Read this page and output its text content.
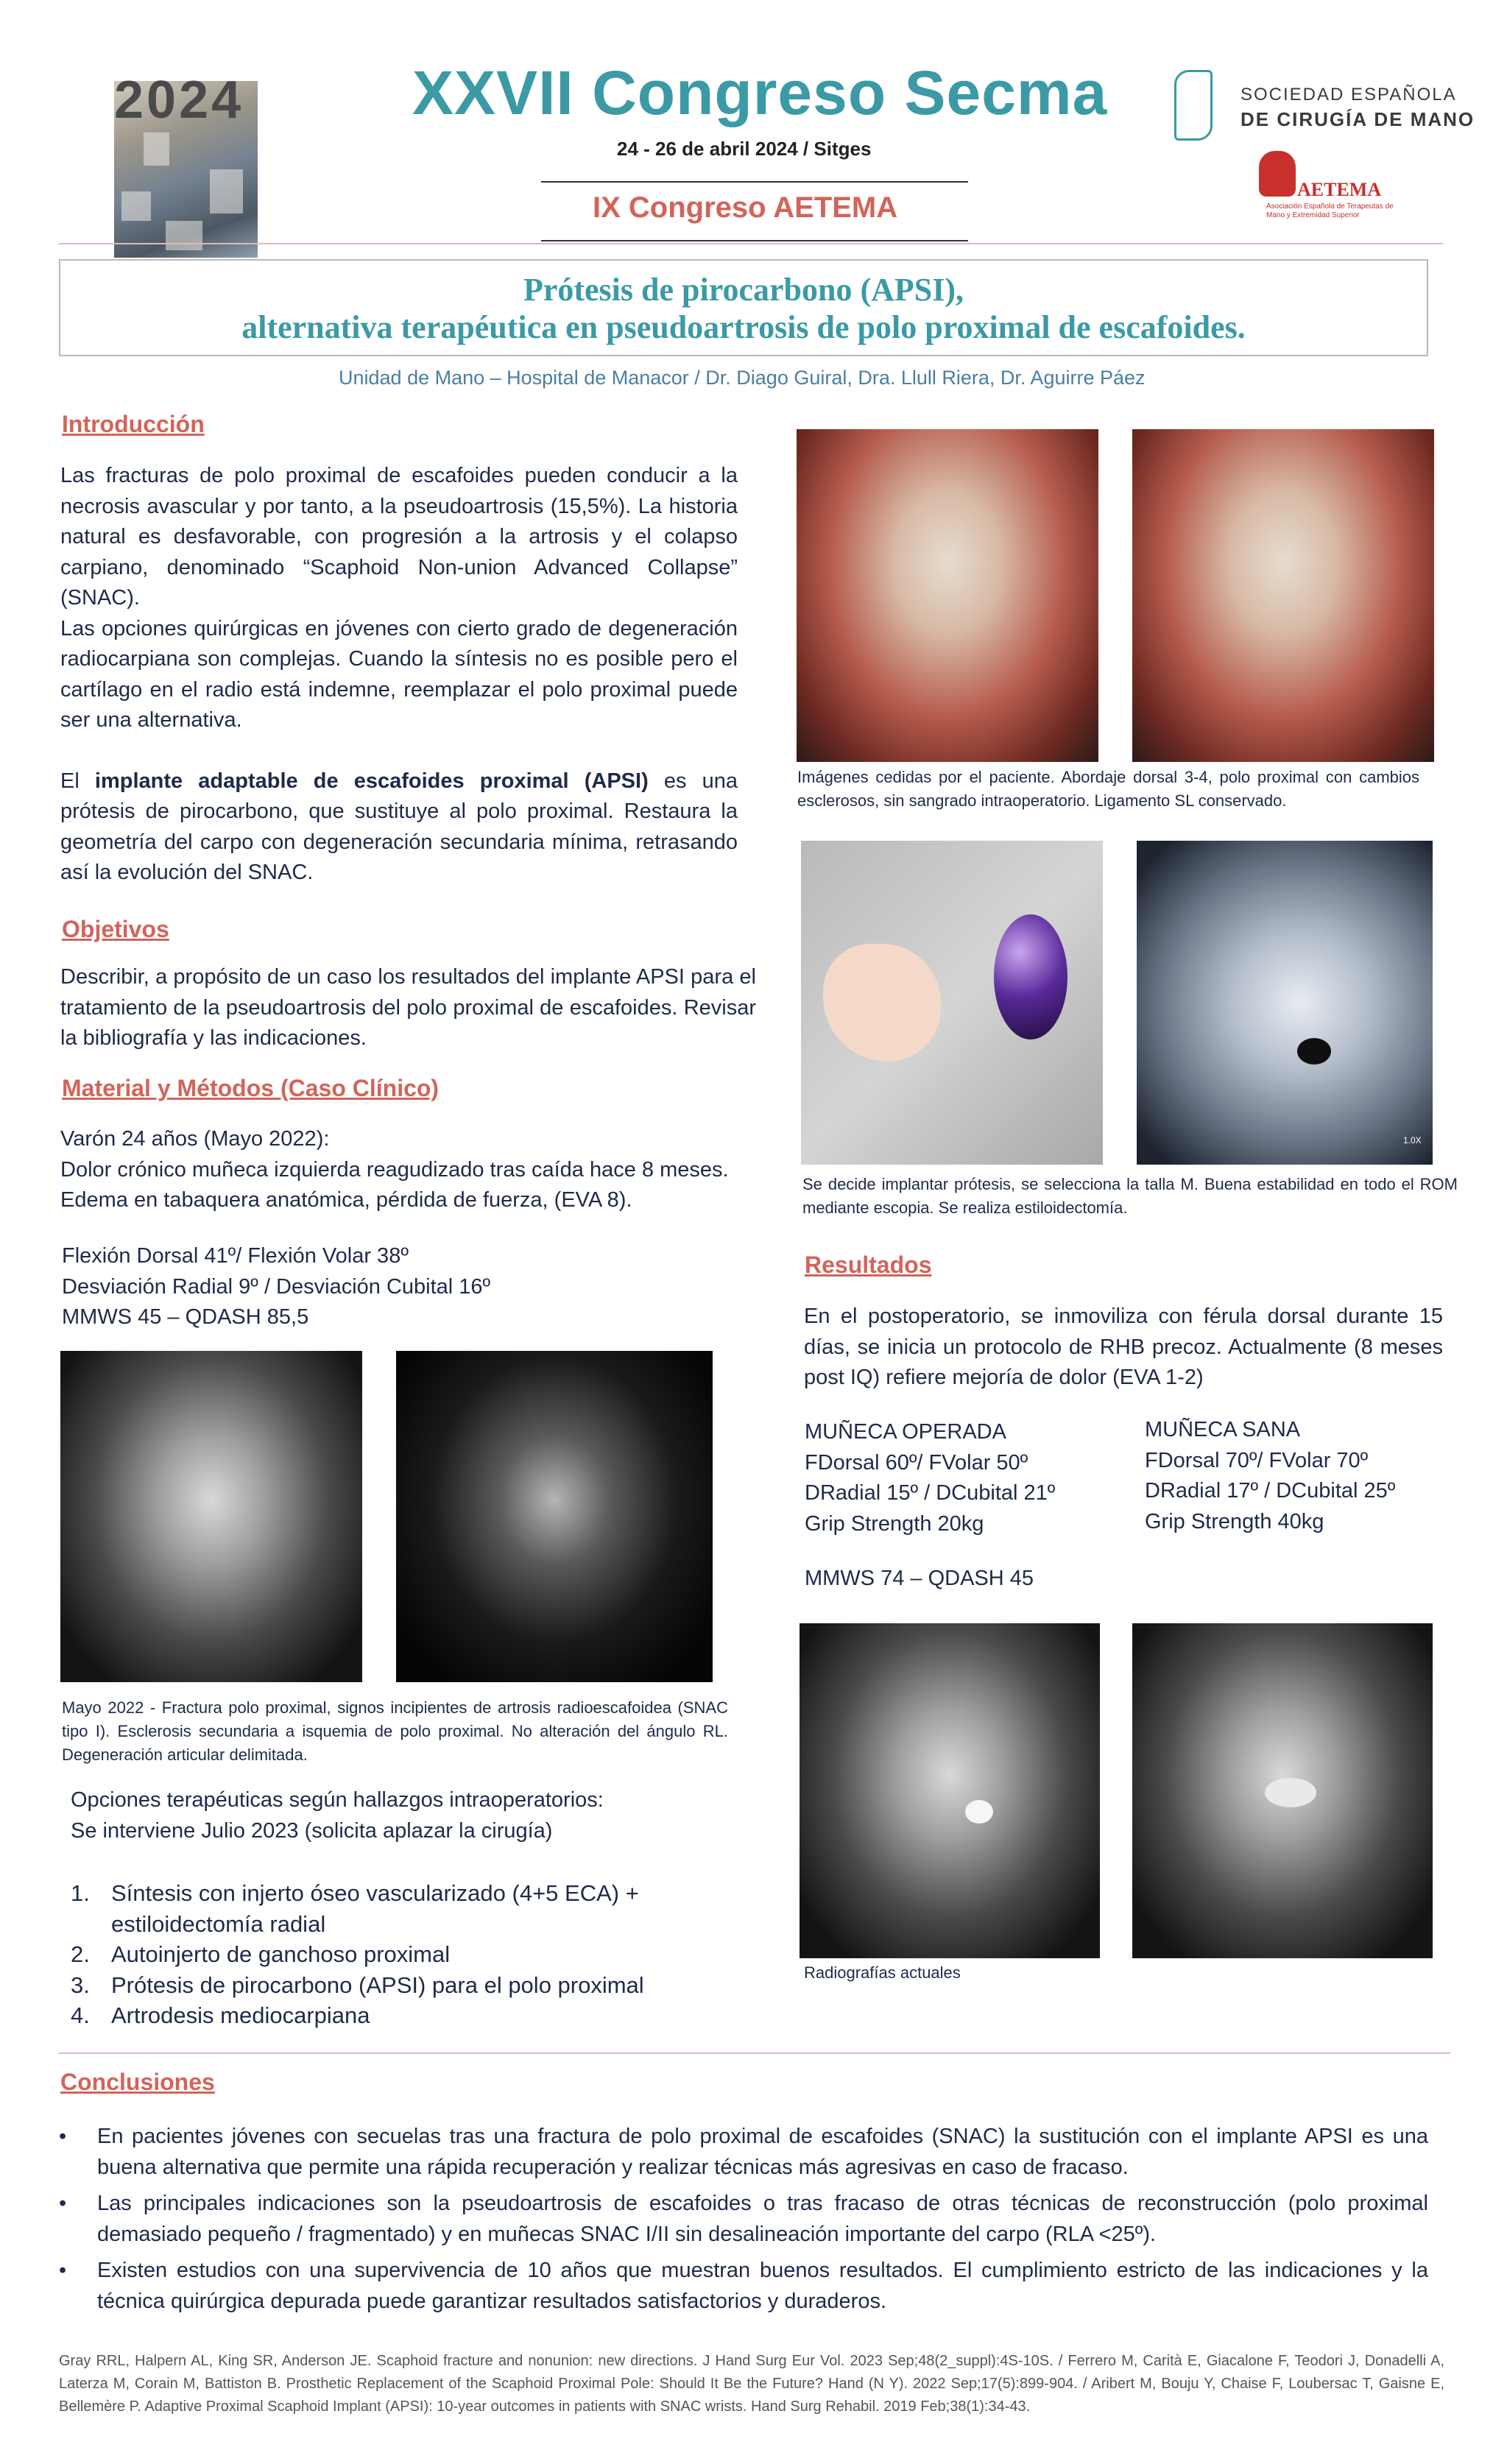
2024	XXVII Congreso Secma
24 - 26 de abril 2024 / Sitges
IX Congreso AETEMA
SOCIEDAD ESPAÑOLA
DE CIRUGÍA DE MANO
AETEMA
Asociación Española de Terapeutas de Mano y Extremidad Superior
Prótesis de pirocarbono (APSI),
alternativa terapéutica en pseudoartrosis de polo proximal de escafoides.
Unidad de Mano – Hospital de Manacor / Dr. Diago Guiral, Dra. Llull Riera, Dr. Aguirre Páez
Introducción
Las fracturas de polo proximal de escafoides pueden conducir a la necrosis avascular y por tanto, a la pseudoartrosis (15,5%). La historia natural es desfavorable, con progresión a la artrosis y el colapso carpiano, denominado “Scaphoid Non-union Advanced Collapse” (SNAC).
Las opciones quirúrgicas en jóvenes con cierto grado de degeneración radiocarpiana son complejas. Cuando la síntesis no es posible pero el cartílago en el radio está indemne, reemplazar el polo proximal puede ser una alternativa.
El implante adaptable de escafoides proximal (APSI) es una prótesis de pirocarbono, que sustituye al polo proximal. Restaura la geometría del carpo con degeneración secundaria mínima, retrasando así la evolución del SNAC.
Objetivos
Describir, a propósito de un caso los resultados del implante APSI para el tratamiento de la pseudoartrosis del polo proximal de escafoides. Revisar la bibliografía y las indicaciones.
Material y Métodos (Caso Clínico)
Varón 24 años (Mayo 2022):
Dolor crónico muñeca izquierda reagudizado tras caída hace 8 meses. Edema en tabaquera anatómica, pérdida de fuerza, (EVA 8).
Flexión Dorsal 41º/ Flexión Volar 38º
Desviación Radial 9º / Desviación Cubital 16º
MMWS 45 – QDASH 85,5
Mayo 2022 - Fractura polo proximal, signos incipientes de artrosis radioescafoidea (SNAC tipo I). Esclerosis secundaria a isquemia de polo proximal. No alteración del ángulo RL. Degeneración articular delimitada.
Opciones terapéuticas según hallazgos intraoperatorios:
Se interviene Julio 2023 (solicita aplazar la cirugía)
1. Síntesis con injerto óseo vascularizado (4+5 ECA) +
estiloidectomía radial
2. Autoinjerto de ganchoso proximal
3. Prótesis de pirocarbono (APSI) para el polo proximal
4. Artrodesis mediocarpiana
Imágenes cedidas por el paciente. Abordaje dorsal 3-4, polo proximal con cambios esclerosos, sin sangrado intraoperatorio. Ligamento SL conservado.
1.0X
Se decide implantar prótesis, se selecciona la talla M. Buena estabilidad en todo el ROM mediante escopia. Se realiza estiloidectomía.
Resultados
En el postoperatorio, se inmoviliza con férula dorsal durante 15 días, se inicia un protocolo de RHB precoz. Actualmente (8 meses post IQ) refiere mejoría de dolor (EVA 1-2)
MUÑECA OPERADA
FDorsal 60º/ FVolar 50º
DRadial 15º / DCubital 21º
Grip Strength 20kg
MUÑECA SANA
FDorsal 70º/ FVolar 70º
DRadial 17º / DCubital 25º
Grip Strength 40kg
MMWS 74 – QDASH 45
Radiografías actuales
Conclusiones
• En pacientes jóvenes con secuelas tras una fractura de polo proximal de escafoides (SNAC) la sustitución con el implante APSI es una buena alternativa que permite una rápida recuperación y realizar técnicas más agresivas en caso de fracaso.
• Las principales indicaciones son la pseudoartrosis de escafoides o tras fracaso de otras técnicas de reconstrucción (polo proximal demasiado pequeño / fragmentado) y en muñecas SNAC I/II sin desalineación importante del carpo (RLA <25º).
• Existen estudios con una supervivencia de 10 años que muestran buenos resultados. El cumplimiento estricto de las indicaciones y la técnica quirúrgica depurada puede garantizar resultados satisfactorios y duraderos.
Gray RRL, Halpern AL, King SR, Anderson JE. Scaphoid fracture and nonunion: new directions. J Hand Surg Eur Vol. 2023 Sep;48(2_suppl):4S-10S. / Ferrero M, Carità E, Giacalone F, Teodori J, Donadelli A, Laterza M, Corain M, Battiston B. Prosthetic Replacement of the Scaphoid Proximal Pole: Should It Be the Future? Hand (N Y). 2022 Sep;17(5):899-904. / Aribert M, Bouju Y, Chaise F, Loubersac T, Gaisne E, Bellemère P. Adaptive Proximal Scaphoid Implant (APSI): 10-year outcomes in patients with SNAC wrists. Hand Surg Rehabil. 2019 Feb;38(1):34-43.
